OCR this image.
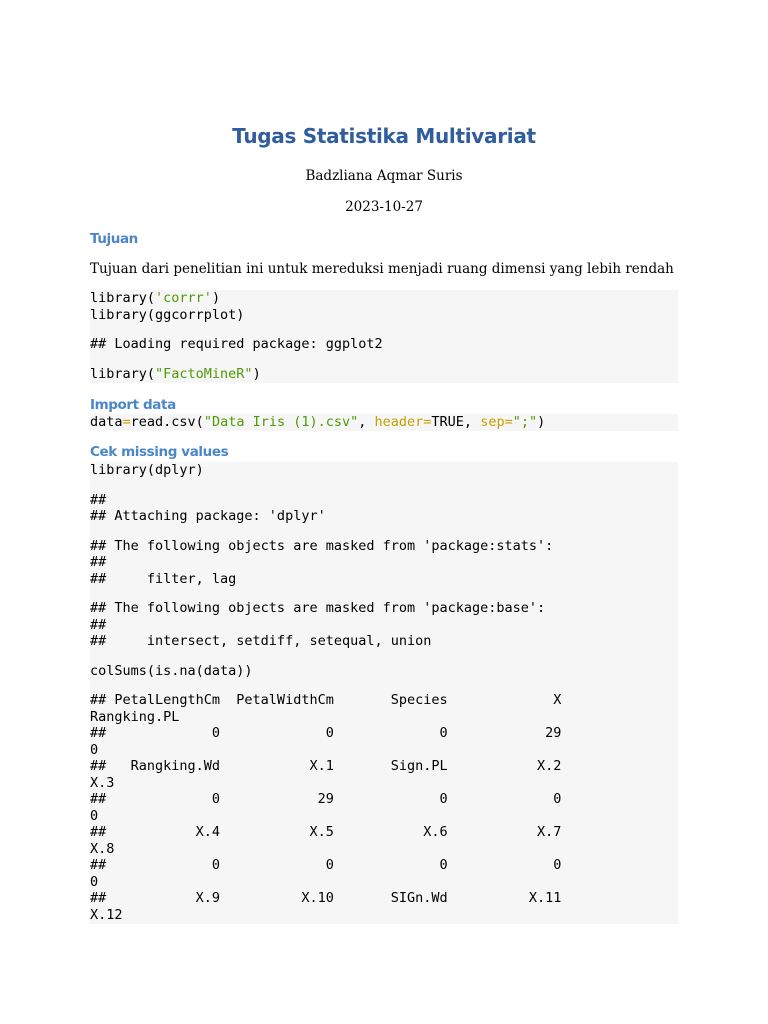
Tugas Statistika Multivariat
Badzliana Aqmar Suris
2023-10-27
Tujuan
Tujuan dari penelitian ini untuk mereduksi menjadi ruang dimensi yang lebih rendah
library('corrr')
library(ggcorrplot)
## Loading required package: ggplot2
library("FactoMineR")
Import data
data=read.csv("Data Iris (1).csv", header=TRUE, sep=";")
Cek missing values
library(dplyr)
##
## Attaching package: 'dplyr'
## The following objects are masked from 'package:stats':
##
##     filter, lag
## The following objects are masked from 'package:base':
##
##     intersect, setdiff, setequal, union
colSums(is.na(data))
## PetalLengthCm  PetalWidthCm       Species             X
Rangking.PL
##             0             0             0            29
0
##   Rangking.Wd           X.1       Sign.PL           X.2
X.3
##             0            29             0             0
0
##           X.4           X.5           X.6           X.7
X.8
##             0             0             0             0
0
##           X.9          X.10       SIGn.Wd          X.11
X.12
